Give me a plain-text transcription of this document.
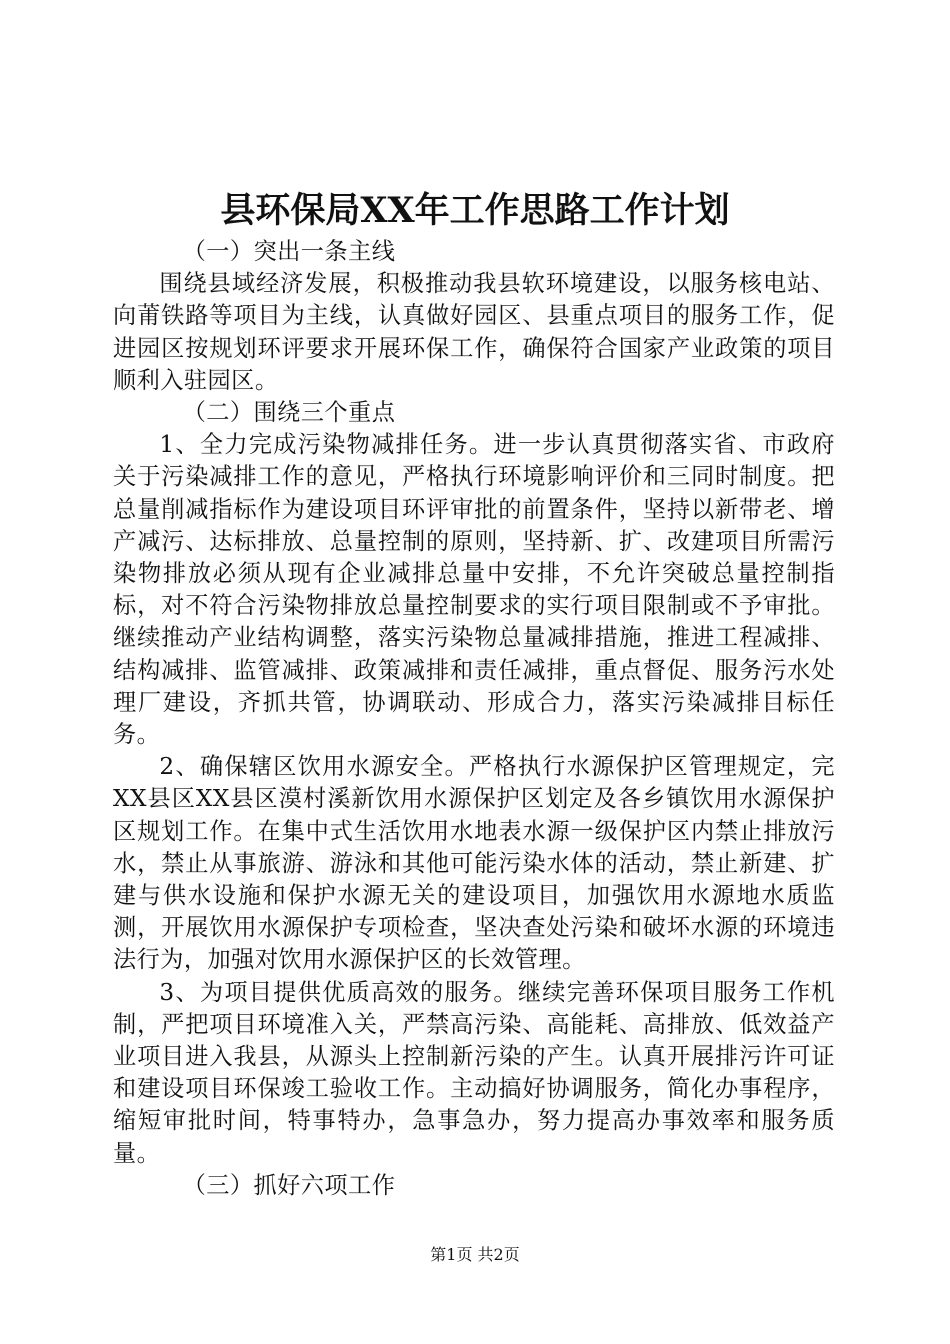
县环保局XX年工作思路工作计划

（一）突出一条主线

围绕县域经济发展，积极推动我县软环境建设，以服务核电站、向莆铁路等项目为主线，认真做好园区、县重点项目的服务工作，促进园区按规划环评要求开展环保工作，确保符合国家产业政策的项目顺利入驻园区。

（二）围绕三个重点

1、全力完成污染物减排任务。进一步认真贯彻落实省、市政府关于污染减排工作的意见，严格执行环境影响评价和三同时制度。把总量削减指标作为建设项目环评审批的前置条件，坚持以新带老、增产减污、达标排放、总量控制的原则，坚持新、扩、改建项目所需污染物排放必须从现有企业减排总量中安排，不允许突破总量控制指标，对不符合污染物排放总量控制要求的实行项目限制或不予审批。继续推动产业结构调整，落实污染物总量减排措施，推进工程减排、结构减排、监管减排、政策减排和责任减排，重点督促、服务污水处理厂建设，齐抓共管，协调联动、形成合力，落实污染减排目标任务。

2、确保辖区饮用水源安全。严格执行水源保护区管理规定，完XX县区XX县区漠村溪新饮用水源保护区划定及各乡镇饮用水源保护区规划工作。在集中式生活饮用水地表水源一级保护区内禁止排放污水，禁止从事旅游、游泳和其他可能污染水体的活动，禁止新建、扩建与供水设施和保护水源无关的建设项目，加强饮用水源地水质监测，开展饮用水源保护专项检查，坚决查处污染和破坏水源的环境违法行为，加强对饮用水源保护区的长效管理。

3、为项目提供优质高效的服务。继续完善环保项目服务工作机制，严把项目环境准入关，严禁高污染、高能耗、高排放、低效益产业项目进入我县，从源头上控制新污染的产生。认真开展排污许可证和建设项目环保竣工验收工作。主动搞好协调服务，简化办事程序，缩短审批时间，特事特办，急事急办，努力提高办事效率和服务质量。

（三）抓好六项工作

第1页 共2页
